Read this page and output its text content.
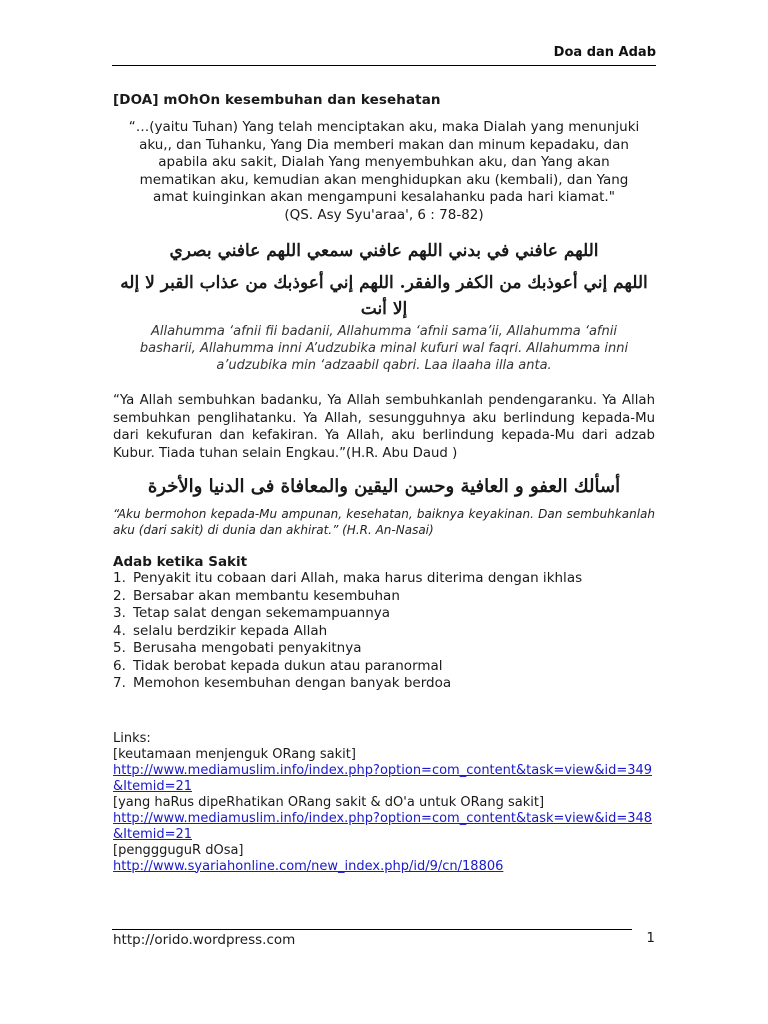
Doa dan Adab
[DOA] mOhOn kesembuhan dan kesehatan
“…(yaitu Tuhan) Yang telah menciptakan aku, maka Dialah yang menunjuki aku,, dan Tuhanku, Yang Dia memberi makan dan minum kepadaku, dan apabila aku sakit, Dialah Yang menyembuhkan aku, dan Yang akan mematikan aku, kemudian akan menghidupkan aku (kembali), dan Yang amat kuinginkan akan mengampuni kesalahanku pada hari kiamat."
(QS. Asy Syu'araa', 6 : 78-82)
اللهم عافني في بدني اللهم عافني سمعي اللهم عافني بصري
اللهم إني أعوذبك من الكفر والفقر. اللهم إني أعوذبك من عذاب القبر لا إله إلا أنت
Allahumma ‘afnii fii badanii, Allahumma ‘afnii sama’ii, Allahumma ‘afnii basharii, Allahumma inni A’udzubika minal kufuri wal faqri. Allahumma inni a’udzubika min ‘adzaabil qabri. Laa ilaaha illa anta.
“Ya Allah sembuhkan badanku, Ya Allah sembuhkanlah pendengaranku. Ya Allah sembuhkan penglihatanku. Ya Allah, sesungguhnya aku berlindung kepada-Mu dari kekufuran dan kefakiran. Ya Allah, aku berlindung kepada-Mu dari adzab Kubur. Tiada tuhan selain Engkau.”(H.R. Abu Daud )
أسألك العفو و العافية وحسن اليقين والمعافاة فى الدنيا والأخرة
“Aku bermohon kepada-Mu ampunan, kesehatan, baiknya keyakinan. Dan sembuhkanlah aku (dari sakit) di dunia dan akhirat.” (H.R. An-Nasai)
Adab ketika Sakit
1. Penyakit itu cobaan dari Allah, maka harus diterima dengan ikhlas
2. Bersabar akan membantu kesembuhan
3. Tetap salat dengan sekemampuannya
4. selalu berdzikir kepada Allah
5. Berusaha mengobati penyakitnya
6. Tidak berobat kepada dukun atau paranormal
7. Memohon kesembuhan dengan banyak berdoa
Links:
[keutamaan menjenguk ORang sakit]
http://www.mediamuslim.info/index.php?option=com_content&task=view&id=349&Itemid=21
[yang haRus dipeRhatikan ORang sakit & dO'a untuk ORang sakit]
http://www.mediamuslim.info/index.php?option=com_content&task=view&id=348&Itemid=21
[penggguguR dOsa]
http://www.syariahonline.com/new_index.php/id/9/cn/18806
http://orido.wordpress.com	1
